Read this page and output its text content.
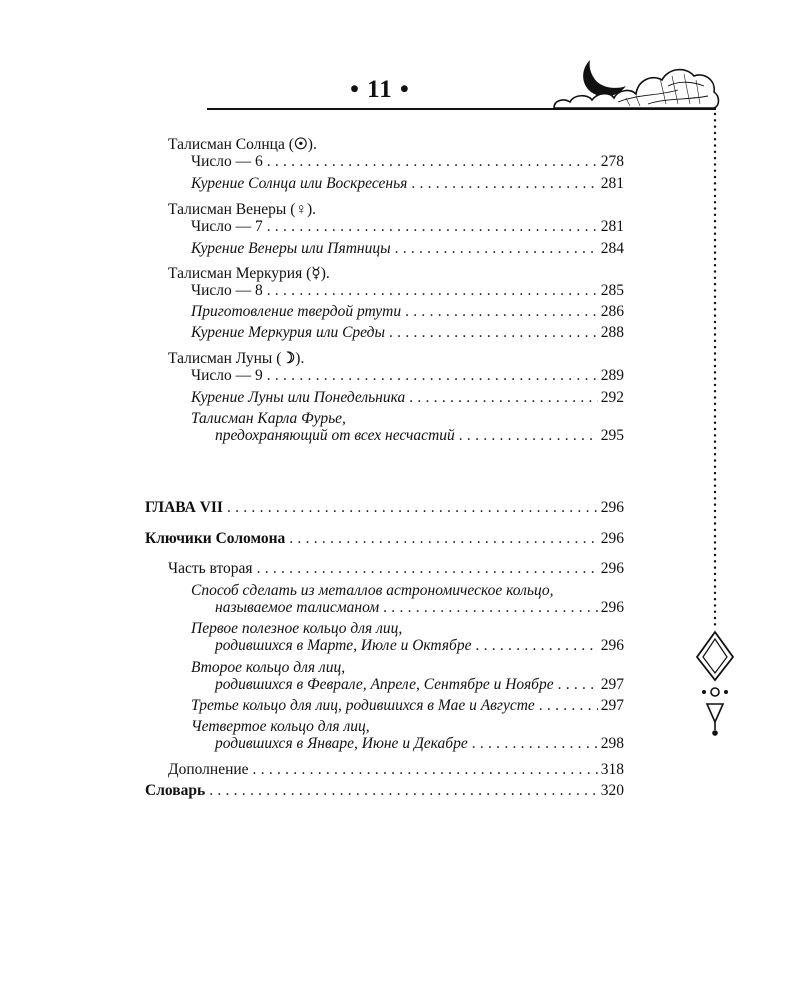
• 11 •
Талисман Солнца (☉).
Число — 6 . . .	278
Курение Солнца или Воскресенья . . .	281
Талисман Венеры (♀).
Число — 7 . . .	281
Курение Венеры или Пятницы . . .	284
Талисман Меркурия (☿).
Число — 8 . . .	285
Приготовление твердой ртути . . .	286
Курение Меркурия или Среды . . .	288
Талисман Луны (☽).
Число — 9 . . .	289
Курение Луны или Понедельника . . .	292
Талисман Карла Фурье,
предохраняющий от всех несчастий . . .	295
ГЛАВА VII . . .	296
Ключики Соломона . . .	296
Часть вторая . . .	296
Способ сделать из металлов астрономическое кольцо,
называемое талисманом . . .	296
Первое полезное кольцо для лиц,
родившихся в Марте, Июле и Октябре . . .	296
Второе кольцо для лиц,
родившихся в Феврале, Апреле, Сентябре и Ноябре . . .	297
Третье кольцо для лиц, родившихся в Мае и Августе . . .	297
Четвертое кольцо для лиц,
родившихся в Январе, Июне и Декабре . . .	298
Дополнение . . .	318
Словарь . . .	320
